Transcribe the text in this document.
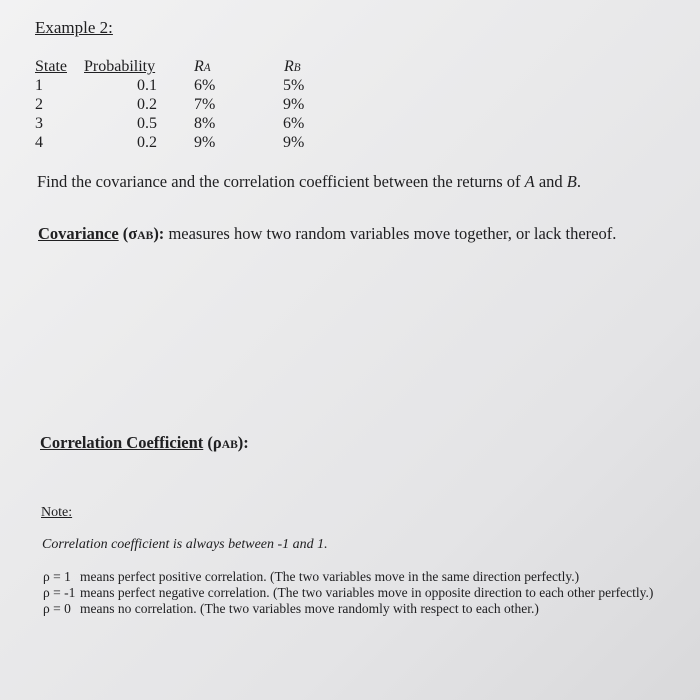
Example 2:
State Probability RA	RB
1	0.1 6%	5%
2	0.2 7%	9%
3	0.5 8%	6%
4	0.2 9%	9%
Find the covariance and the correlation coefficient between the returns of A and B.
Covariance (σAB): measures how two random variables move together, or lack thereof.
Correlation Coefficient (ρAB):
Note:
Correlation coefficient is always between -1 and 1.
ρ = 1 means perfect positive correlation. (The two variables move in the same direction perfectly.)
ρ = -1 means perfect negative correlation. (The two variables move in opposite direction to each other perfectly.)
ρ = 0 means no correlation. (The two variables move randomly with respect to each other.)
